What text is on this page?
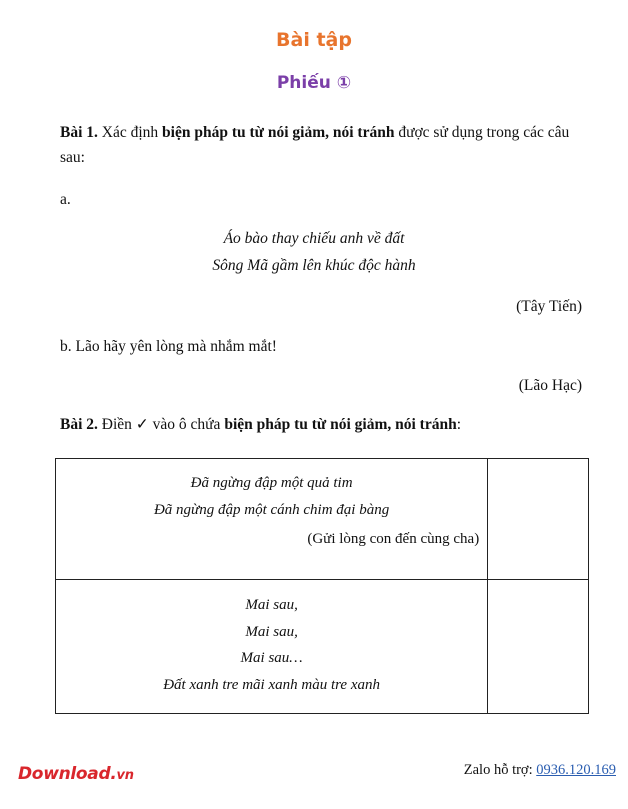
Bài tập
Phiếu ①
Bài 1. Xác định biện pháp tu từ nói giảm, nói tránh được sử dụng trong các câu sau:
a.
Áo bào thay chiếu anh về đất
Sông Mã gầm lên khúc độc hành
(Tây Tiến)
b. Lão hãy yên lòng mà nhắm mắt!
(Lão Hạc)
Bài 2. Điền ✓ vào ô chứa biện pháp tu từ nói giảm, nói tránh:
Đã ngừng đập một quả tim
Đã ngừng đập một cánh chim đại bàng
(Gửi lòng con đến cùng cha)	

Mai sau,
Mai sau,
Mai sau…
Đất xanh tre mãi xanh màu tre xanh	

Download.vn	Zalo hỗ trợ: 0936.120.169
